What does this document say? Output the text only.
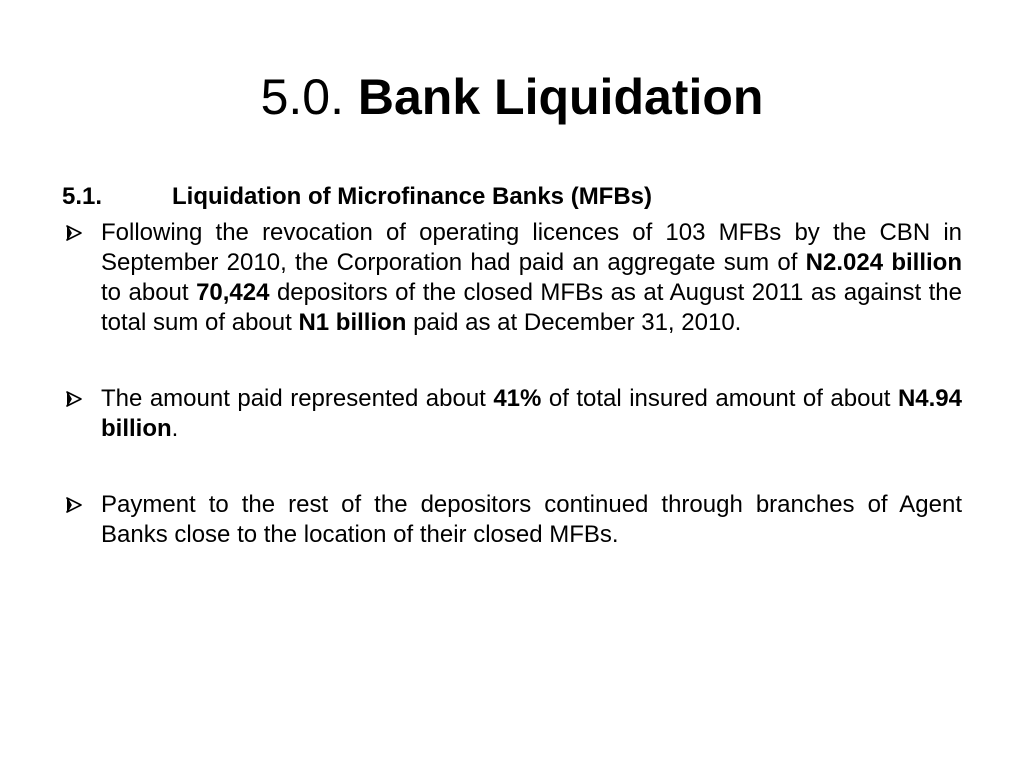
5.0. Bank Liquidation
5.1.	Liquidation of Microfinance Banks (MFBs)
Following the revocation of operating licences of 103 MFBs by the CBN in September 2010, the Corporation had paid an aggregate sum of N2.024 billion to about 70,424 depositors of the closed MFBs as at August 2011 as against the total sum of about N1 billion paid as at December 31, 2010.
The amount paid represented about 41% of total insured amount of about N4.94 billion.
Payment to the rest of the depositors continued through branches of Agent Banks close to the location of their closed MFBs.
